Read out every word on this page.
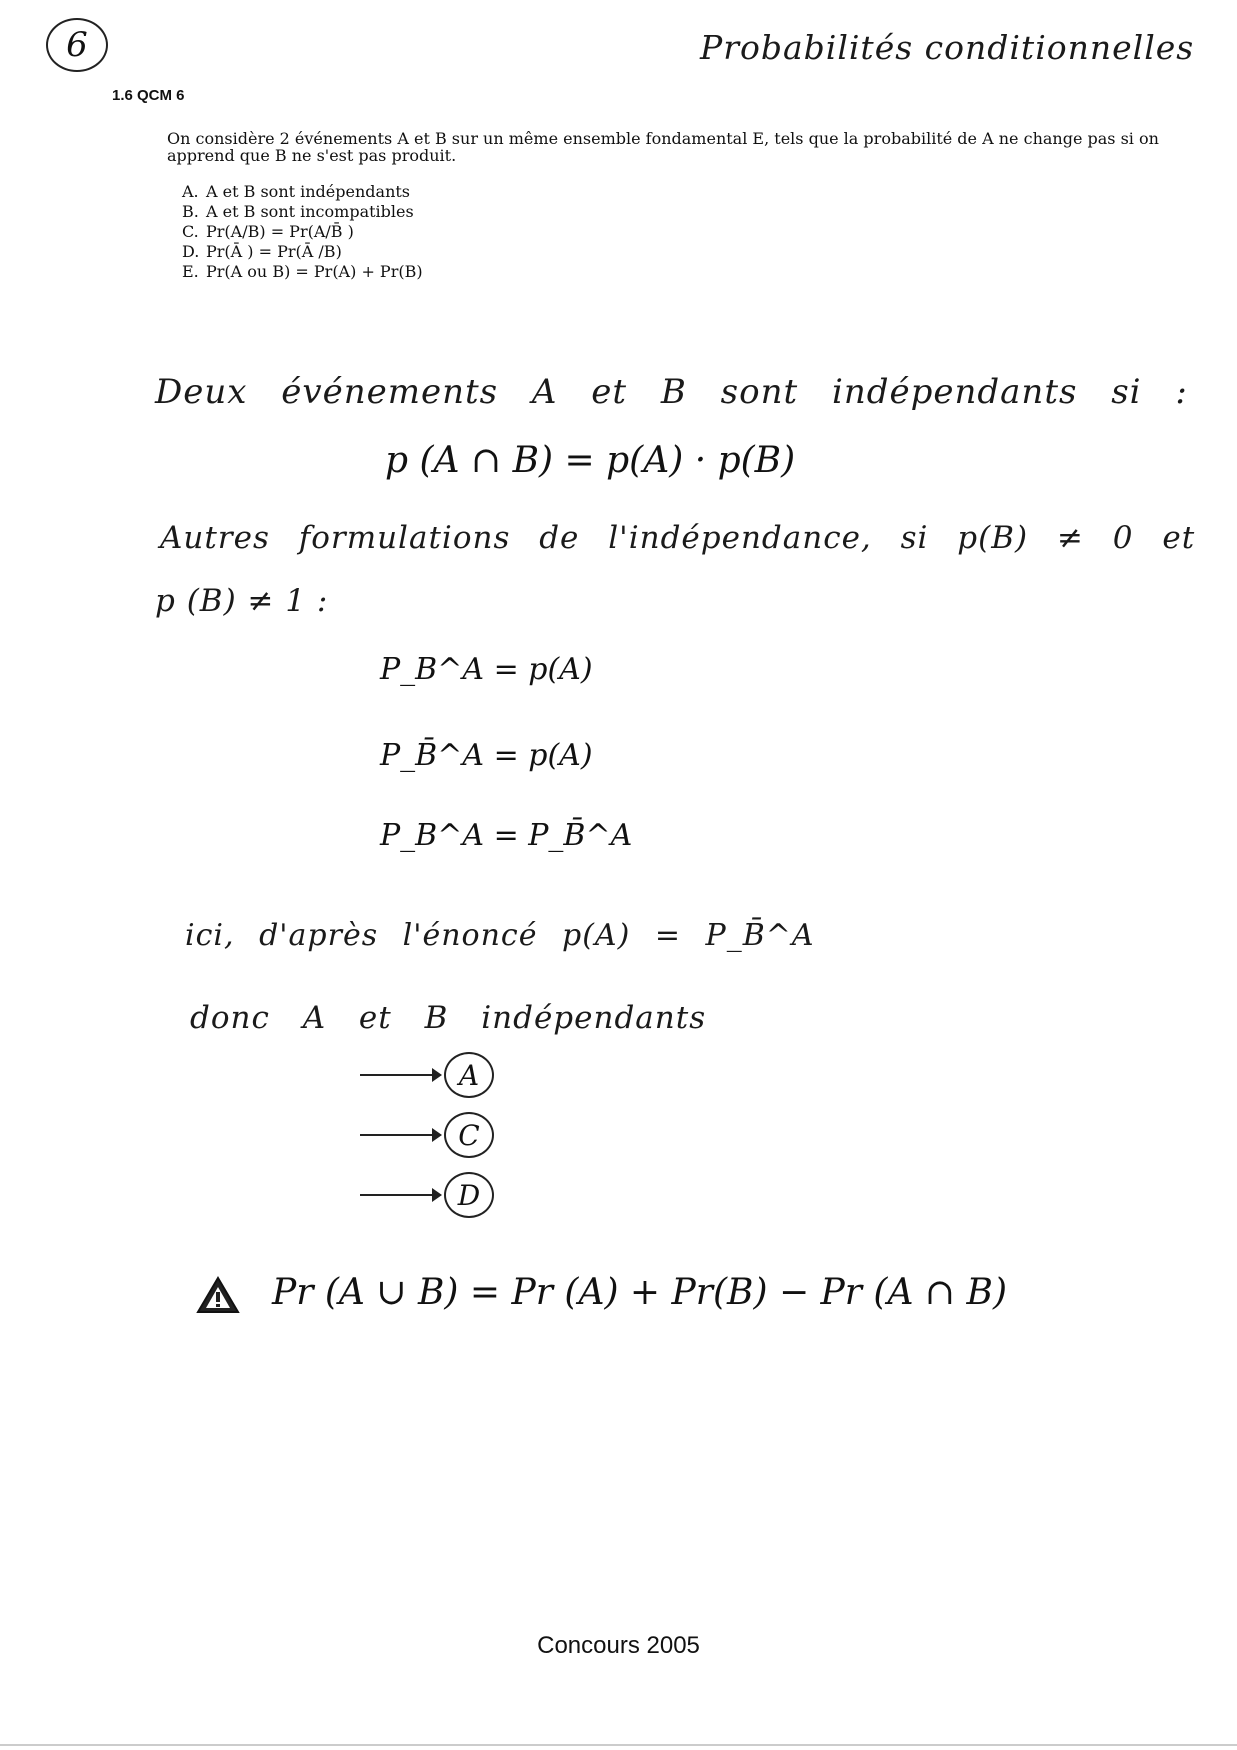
6	Probabilités conditionnelles
1.6 QCM 6
On considère 2 événements A et B sur un même ensemble fondamental E, tels que la probabilité de A ne change pas si on apprend que B ne s'est pas produit.
A. A et B sont indépendants
B. A et B sont incompatibles
C. Pr(A/B) = Pr(A/B̄ )
D. Pr(Ā ) = Pr(Ā /B)
E. Pr(A ou B) = Pr(A) + Pr(B)
Deux événements A et B sont indépendants si :
p (A ∩ B) = p(A) · p(B)
Autres formulations de l'indépendance, si p(B) ≠ 0 et
p (B) ≠ 1 :
P_B^A = p(A)
P_B̄^A = p(A)
P_B^A = P_B̄^A
ici, d'après l'énoncé p(A) = P_B̄^A
donc A et B indépendants
A
C
D
Pr (A ∪ B) = Pr (A) + Pr(B) − Pr (A ∩ B)
Concours 2005
